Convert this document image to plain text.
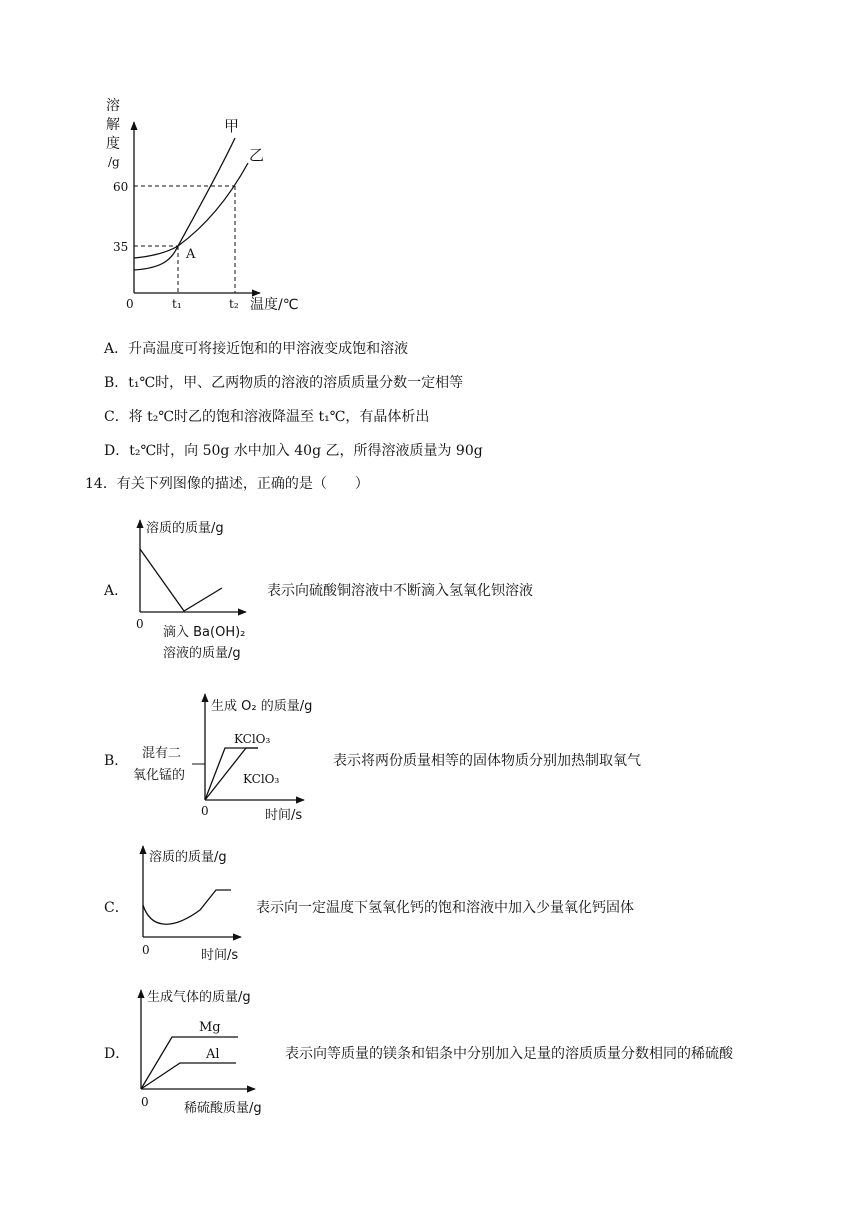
溶
解
度
/g
60
35
0	t₁	t₂ 温度/℃
A
甲
乙
A．升高温度可将接近饱和的甲溶液变成饱和溶液
B．t₁℃时，甲、乙两物质的溶液的溶质质量分数一定相等
C．将 t₂℃时乙的饱和溶液降温至 t₁℃，有晶体析出
D．t₂℃时，向 50g 水中加入 40g 乙，所得溶液质量为 90g
14．有关下列图像的描述，正确的是（　　）
A．
溶质的质量/g
0
滴入 Ba(OH)₂
溶液的质量/g
表示向硫酸铜溶液中不断滴入氢氧化钡溶液
B．
生成 O₂ 的质量/g
0	时间/s
混有二
氧化锰的
KClO₃
KClO₃
表示将两份质量相等的固体物质分别加热制取氧气
C．
溶质的质量/g
0	时间/s
表示向一定温度下氢氧化钙的饱和溶液中加入少量氧化钙固体
D．
生成气体的质量/g
0	稀硫酸质量/g
Mg
Al	表示向等质量的镁条和铝条中分别加入足量的溶质质量分数相同的稀硫酸
